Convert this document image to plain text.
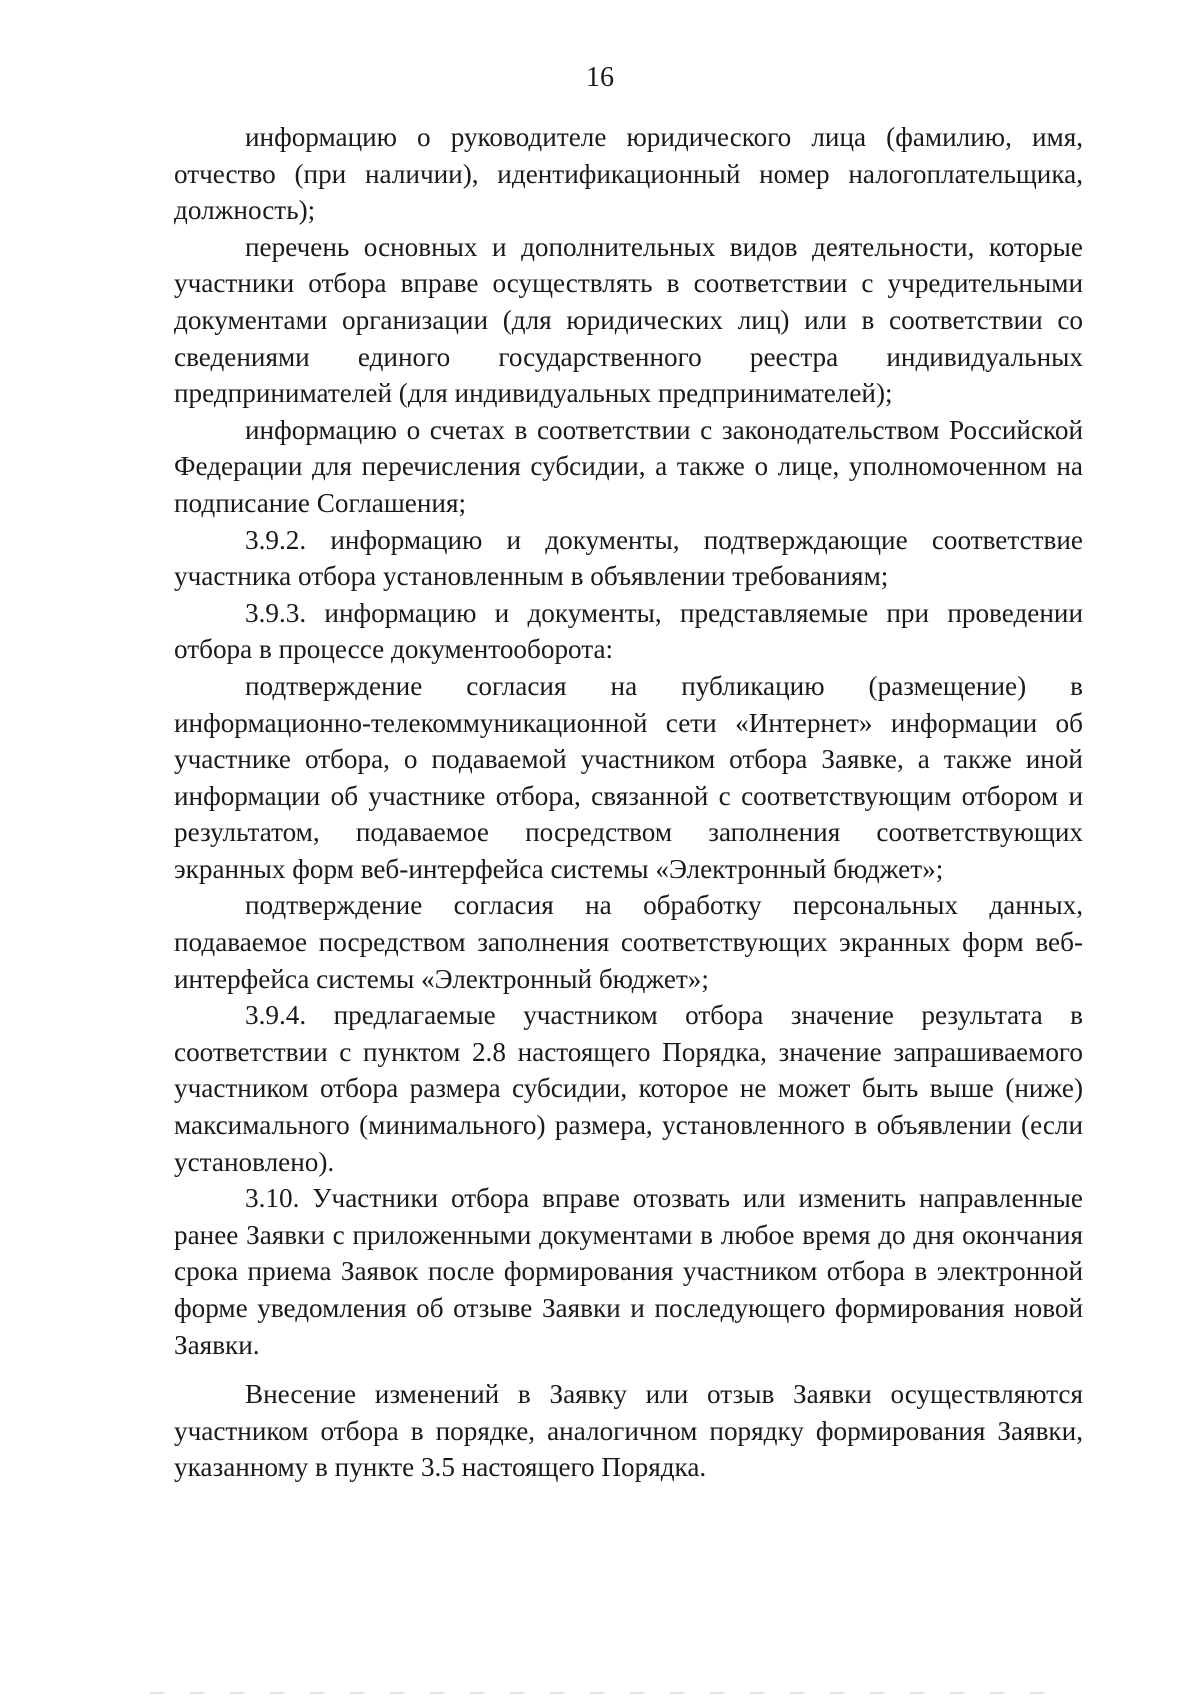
16

информацию о руководителе юридического лица (фамилию, имя, отчество (при наличии), идентификационный номер налогоплательщика, должность);

перечень основных и дополнительных видов деятельности, которые участники отбора вправе осуществлять в соответствии с учредительными документами организации (для юридических лиц) или в соответствии со сведениями единого государственного реестра индивидуальных предпринимателей (для индивидуальных предпринимателей);

информацию о счетах в соответствии с законодательством Российской Федерации для перечисления субсидии, а также о лице, уполномоченном на подписание Соглашения;

3.9.2. информацию и документы, подтверждающие соответствие участника отбора установленным в объявлении требованиям;

3.9.3. информацию и документы, представляемые при проведении отбора в процессе документооборота:

подтверждение согласия на публикацию (размещение) в информационно-телекоммуникационной сети «Интернет» информации об участнике отбора, о подаваемой участником отбора Заявке, а также иной информации об участнике отбора, связанной с соответствующим отбором и результатом, подаваемое посредством заполнения соответствующих экранных форм веб-интерфейса системы «Электронный бюджет»;

подтверждение согласия на обработку персональных данных, подаваемое посредством заполнения соответствующих экранных форм веб-интерфейса системы «Электронный бюджет»;

3.9.4. предлагаемые участником отбора значение результата в соответствии с пунктом 2.8 настоящего Порядка, значение запрашиваемого участником отбора размера субсидии, которое не может быть выше (ниже) максимального (минимального) размера, установленного в объявлении (если установлено).

3.10. Участники отбора вправе отозвать или изменить направленные ранее Заявки с приложенными документами в любое время до дня окончания срока приема Заявок после формирования участником отбора в электронной форме уведомления об отзыве Заявки и последующего формирования новой Заявки.

Внесение изменений в Заявку или отзыв Заявки осуществляются участником отбора в порядке, аналогичном порядку формирования Заявки, указанному в пункте 3.5 настоящего Порядка.
